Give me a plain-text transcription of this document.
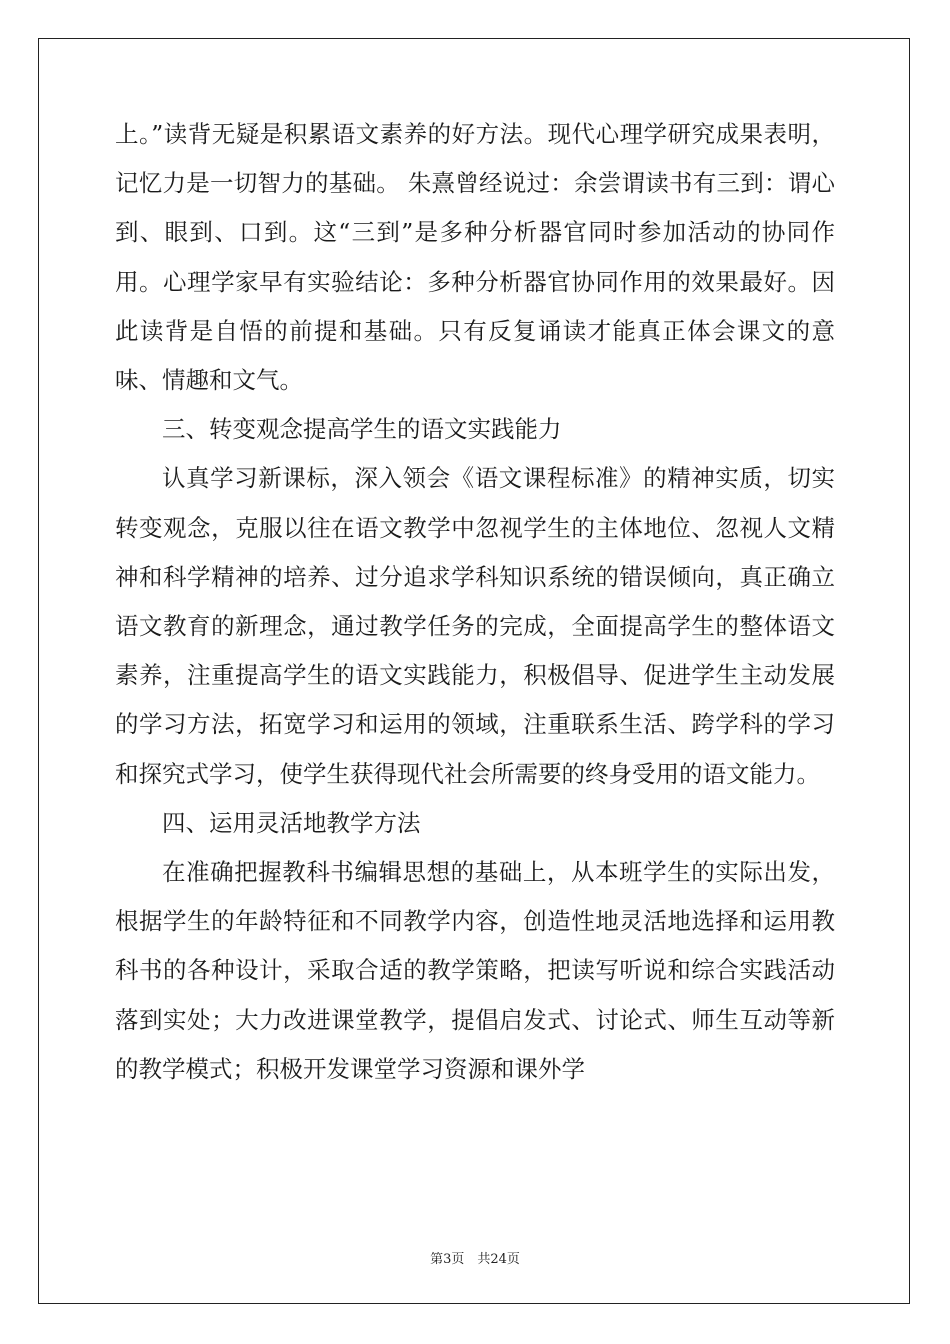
上。”读背无疑是积累语文素养的好方法。现代心理学研究成果表明，记忆力是一切智力的基础。 朱熹曾经说过：余尝谓读书有三到：谓心到、眼到、口到。这“三到”是多种分析器官同时参加活动的协同作用。心理学家早有实验结论：多种分析器官协同作用的效果最好。因此读背是自悟的前提和基础。只有反复诵读才能真正体会课文的意味、情趣和文气。

三、转变观念提高学生的语文实践能力

认真学习新课标，深入领会《语文课程标准》的精神实质，切实转变观念，克服以往在语文教学中忽视学生的主体地位、忽视人文精神和科学精神的培养、过分追求学科知识系统的错误倾向，真正确立语文教育的新理念，通过教学任务的完成，全面提高学生的整体语文素养，注重提高学生的语文实践能力，积极倡导、促进学生主动发展的学习方法，拓宽学习和运用的领域，注重联系生活、跨学科的学习和探究式学习，使学生获得现代社会所需要的终身受用的语文能力。

四、运用灵活地教学方法

在准确把握教科书编辑思想的基础上，从本班学生的实际出发，根据学生的年龄特征和不同教学内容，创造性地灵活地选择和运用教科书的各种设计，采取合适的教学策略，把读写听说和综合实践活动落到实处；大力改进课堂教学，提倡启发式、讨论式、师生互动等新的教学模式；积极开发课堂学习资源和课外学

第3页　共24页
